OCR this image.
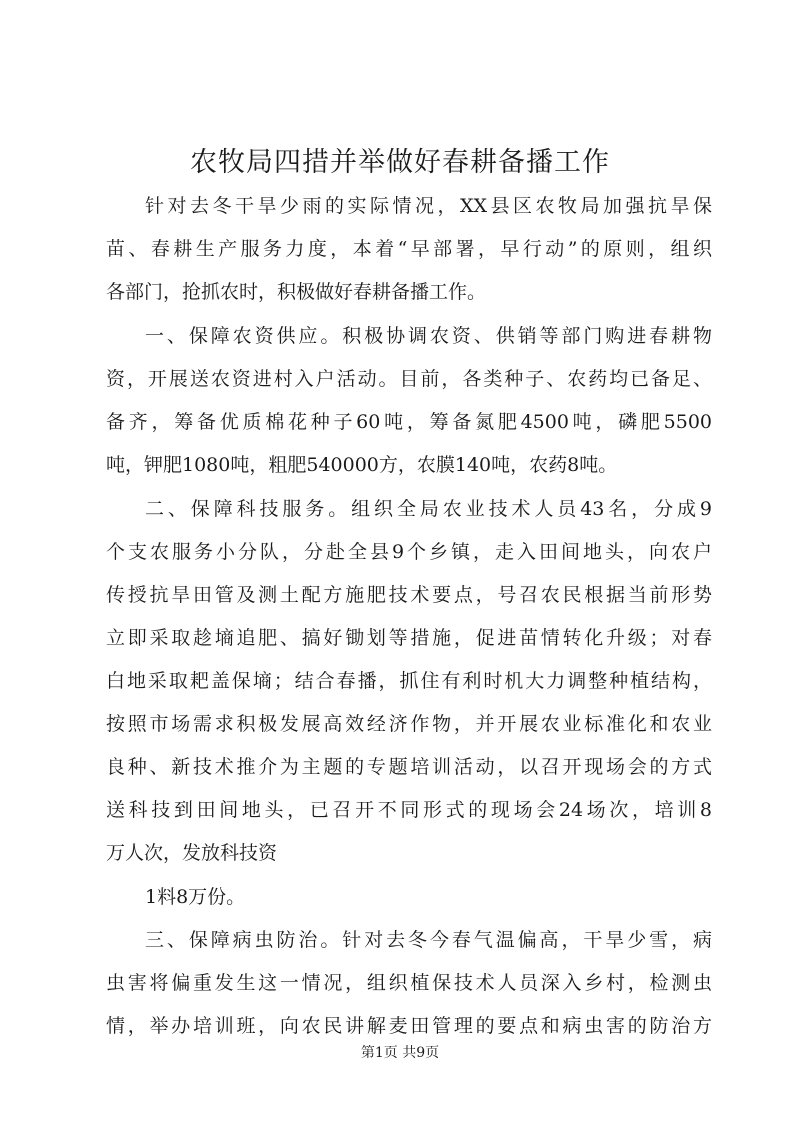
农牧局四措并举做好春耕备播工作

针对去冬干旱少雨的实际情况，XX县区农牧局加强抗旱保

苗、春耕生产服务力度，本着“早部署，早行动”的原则，组织

各部门，抢抓农时，积极做好春耕备播工作。

一、保障农资供应。积极协调农资、供销等部门购进春耕物

资，开展送农资进村入户活动。目前，各类种子、农药均已备足、

备齐，筹备优质棉花种子60吨，筹备氮肥4500吨，磷肥5500

吨，钾肥1080吨，粗肥540000方，农膜140吨，农药8吨。

二、保障科技服务。组织全局农业技术人员43名，分成9

个支农服务小分队，分赴全县9个乡镇，走入田间地头，向农户

传授抗旱田管及测土配方施肥技术要点，号召农民根据当前形势

立即采取趁墒追肥、搞好锄划等措施，促进苗情转化升级；对春

白地采取耙盖保墒；结合春播，抓住有利时机大力调整种植结构，

按照市场需求积极发展高效经济作物，并开展农业标准化和农业

良种、新技术推介为主题的专题培训活动，以召开现场会的方式

送科技到田间地头，已召开不同形式的现场会24场次，培训8

万人次，发放科技资

1料8万份。

三、保障病虫防治。针对去冬今春气温偏高，干旱少雪，病

虫害将偏重发生这一情况，组织植保技术人员深入乡村，检测虫

情，举办培训班，向农民讲解麦田管理的要点和病虫害的防治方

第1页 共9页
